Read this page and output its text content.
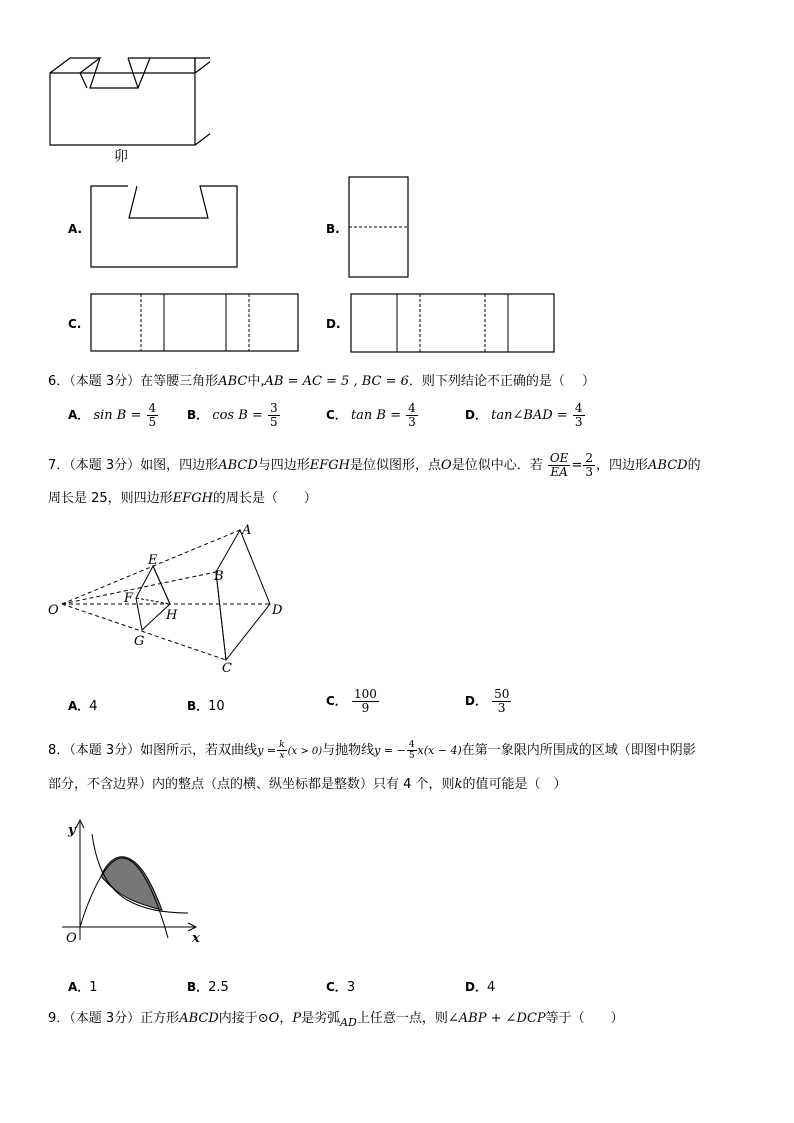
卯
A.	B.
C.	D.
6．（本题 3分）在等腰三角形ABC中,AB = AC = 5 , BC = 6．则下列结论不正确的是（　 ）
A． $\sin B = \frac{4}{5}$ B． $\cos B = \frac{3}{5}$	C． $\tan B = \frac{4}{3}$	D． tan∠BAD = $\frac{4}{3}$
7．（本题 3分）如图，四边形ABCD与四边形EFGH是位似图形，点O是位似中心．若 $\frac{OE}{EA} = \frac{2}{3}$ ，四边形ABCD的
周长是 25，则四边形EFGH的周长是（　　）
O
A
B
C
D
E
F
G
H
A．4	B．10	C． $\frac{100}{9}$	D． $\frac{50}{3}$
8．（本题 3分）如图所示，若双曲线$y = \frac{k}{x} (x > 0)$与抛物线y = − $\frac{4}{5} x(x - 4)$在第一象限内所围成的区域（即图中阴影
部分，不含边界）内的整点（点的横、纵坐标都是整数）只有 4 个，则k的值可能是（　）
y
x
O
A．1	B．2.5	C．3	D．4
9．（本题 3分）正方形ABCD内接于⊙O，P是劣弧AD上任意一点，则∠ABP + ∠DCP等于（　　）
